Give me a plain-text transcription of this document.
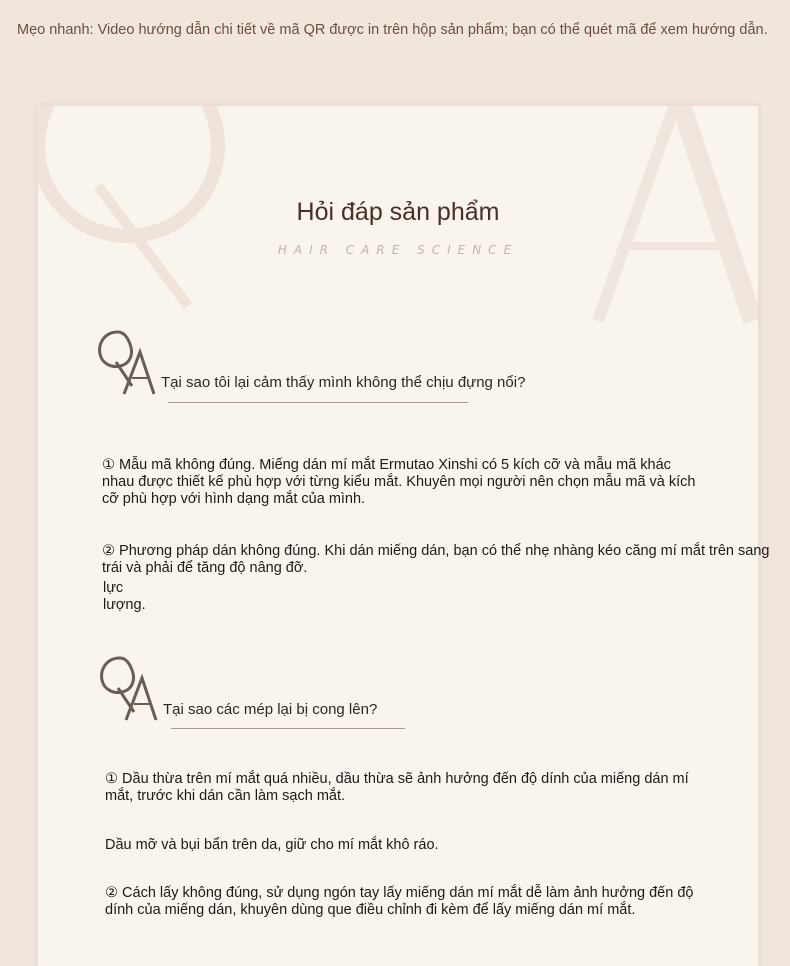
Mẹo nhanh: Video hướng dẫn chi tiết về mã QR được in trên hộp sản phẩm; bạn có thể quét mã để xem hướng dẫn.
Hỏi đáp sản phẩm
HAIR CARE SCIENCE
Tại sao tôi lại cảm thấy mình không thể chịu đựng nổi?
① Mẫu mã không đúng. Miếng dán mí mắt Ermutao Xinshi có 5 kích cỡ và mẫu mã khác nhau được thiết kế phù hợp với từng kiểu mắt. Khuyên mọi người nên chọn mẫu mã và kích cỡ phù hợp với hình dạng mắt của mình.
② Phương pháp dán không đúng. Khi dán miếng dán, bạn có thể nhẹ nhàng kéo căng mí mắt trên sang trái và phải để tăng độ nâng đỡ.
lực
lượng.
Tại sao các mép lại bị cong lên?
① Dầu thừa trên mí mắt quá nhiều, dầu thừa sẽ ảnh hưởng đến độ dính của miếng dán mí mắt, trước khi dán cần làm sạch mắt.
Dầu mỡ và bụi bẩn trên da, giữ cho mí mắt khô ráo.
② Cách lấy không đúng, sử dụng ngón tay lấy miếng dán mí mắt dễ làm ảnh hưởng đến độ dính của miếng dán, khuyên dùng que điều chỉnh đi kèm để lấy miếng dán mí mắt.
